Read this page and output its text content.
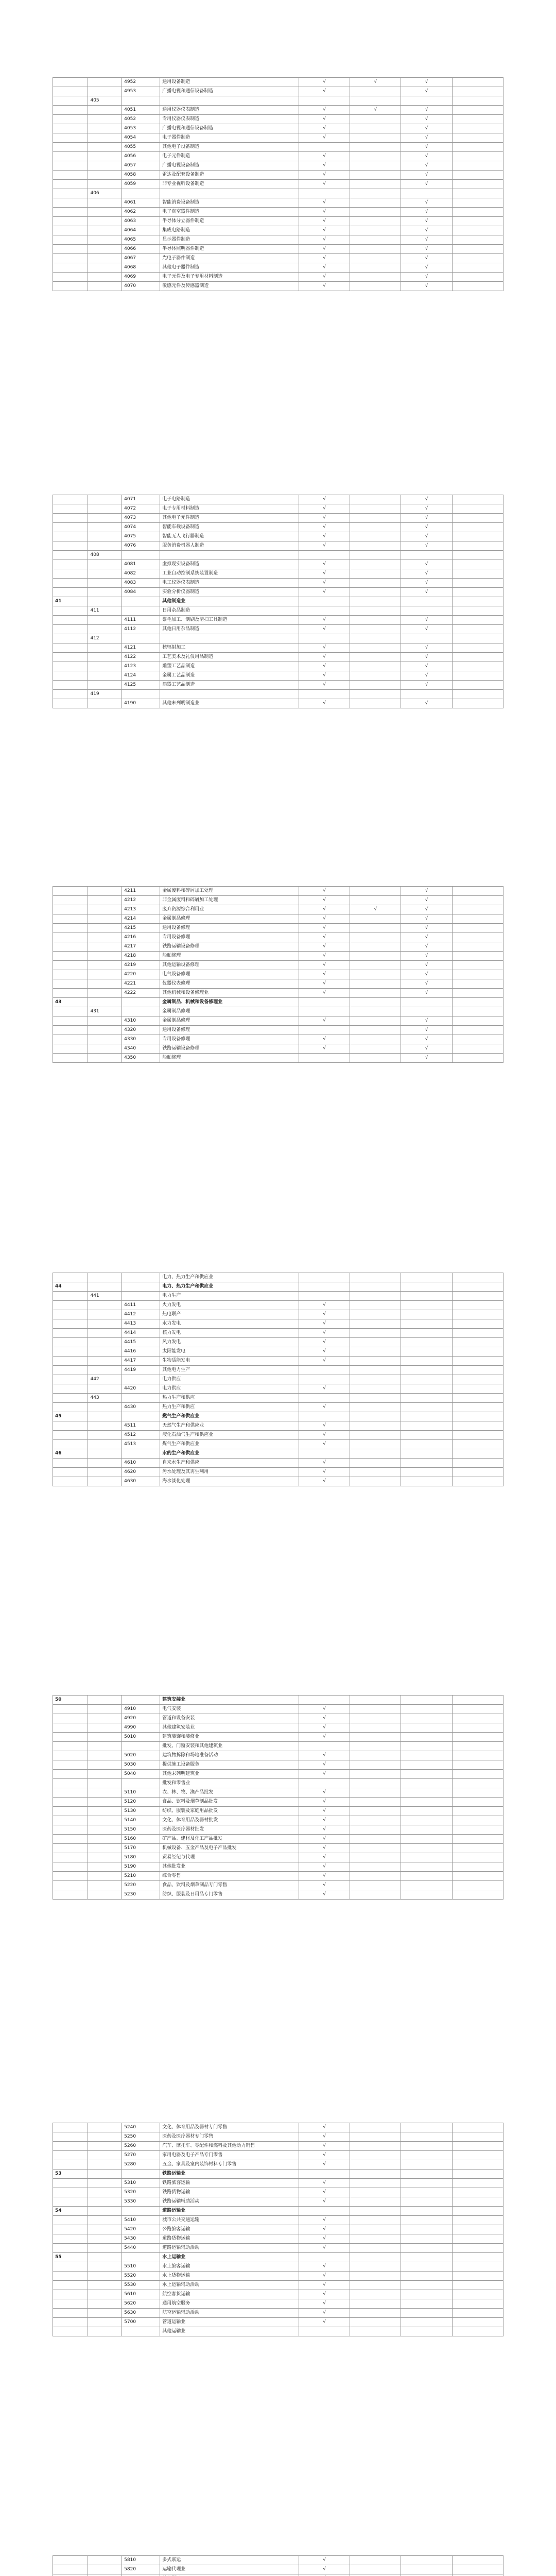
		4952	通用设备制造	√	√	√	
		4953	广播电视和通信设备制造	√		√	
	405						
		4051	通用仪器仪表制造	√	√	√	
		4052	专用仪器仪表制造	√		√	
		4053	广播电视和通信设备制造	√		√	
		4054	电子器件制造	√		√	
		4055	其他电子设备制造			√	
		4056	电子元件制造	√		√	
		4057	广播电视设备制造	√		√	
		4058	雷达及配套设备制造	√		√	
		4059	非专业视听设备制造	√		√	
	406						
		4061	智能消费设备制造	√		√	
		4062	电子真空器件制造	√		√	
		4063	半导体分立器件制造	√		√	
		4064	集成电路制造	√		√	
		4065	显示器件制造	√		√	
		4066	半导体照明器件制造	√		√	
		4067	光电子器件制造	√		√	
		4068	其他电子器件制造	√		√	
		4069	电子元件及电子专用材料制造	√		√	
		4070	敏感元件及传感器制造	√		√	
		4071	电子电路制造	√		√	
		4072	电子专用材料制造	√		√	
		4073	其他电子元件制造	√		√	
		4074	智能车载设备制造	√		√	
		4075	智能无人飞行器制造	√		√	
		4076	服务消费机器人制造	√		√	
	408						
		4081	虚拟现实设备制造	√		√	
		4082	工业自动控制系统装置制造	√		√	
		4083	电工仪器仪表制造	√		√	
		4084	实验分析仪器制造	√		√	
41			其他制造业				
	411		日用杂品制造				
		4111	鬃毛加工、制刷及清扫工具制造	√		√	
		4112	其他日用杂品制造	√		√	
	412						
		4121	核辐射加工	√		√	
		4122	工艺美术及礼仪用品制造	√		√	
		4123	雕塑工艺品制造	√		√	
		4124	金属工艺品制造	√		√	
		4125	漆器工艺品制造	√		√	
	419						
		4190	其他未列明制造业	√		√	
		4211	金属废料和碎屑加工处理	√		√	
		4212	非金属废料和碎屑加工处理	√		√	
		4213	废弃资源综合利用业	√	√	√	
		4214	金属制品修理	√		√	
		4215	通用设备修理	√		√	
		4216	专用设备修理	√		√	
		4217	铁路运输设备修理	√		√	
		4218	船舶修理	√		√	
		4219	其他运输设备修理	√		√	
		4220	电气设备修理	√		√	
		4221	仪器仪表修理	√		√	
		4222	其他机械和设备修理业	√		√	
43			金属制品、机械和设备修理业				
	431		金属制品修理				
		4310	金属制品修理	√		√	
		4320	通用设备修理			√	
		4330	专用设备修理	√		√	
		4340	铁路运输设备修理	√		√	
		4350	船舶修理			√	
			电力、热力生产和供应业				
44			电力、热力生产和供应业				
	441		电力生产				
		4411	火力发电	√			
		4412	热电联产	√			
		4413	水力发电	√			
		4414	核力发电	√			
		4415	风力发电	√			
		4416	太阳能发电	√			
		4417	生物质能发电	√			
		4419	其他电力生产				
	442		电力供应				
		4420	电力供应	√			
	443		热力生产和供应				
		4430	热力生产和供应	√			
45			燃气生产和供应业				
		4511	天然气生产和供应业	√			
		4512	液化石油气生产和供应业	√			
		4513	煤气生产和供应业	√			
46			水的生产和供应业				
		4610	自来水生产和供应	√			
		4620	污水处理及其再生利用	√			
		4630	海水淡化处理	√			
50			建筑安装业				
		4910	电气安装	√			
		4920	管道和设备安装	√			
		4990	其他建筑安装业	√			
		5010	建筑装饰和装修业	√			
			批发、门窗安装和其他建筑业				
		5020	建筑物拆除和场地准备活动	√			
		5030	提供施工设备服务	√			
		5040	其他未列明建筑业	√			
			批发和零售业				
		5110	农、林、牧、渔产品批发	√			
		5120	食品、饮料及烟草制品批发	√			
		5130	纺织、服装及家庭用品批发	√			
		5140	文化、体育用品及器材批发	√			
		5150	医药及医疗器材批发	√			
		5160	矿产品、建材及化工产品批发	√			
		5170	机械设备、五金产品及电子产品批发	√			
		5180	贸易经纪与代理	√			
		5190	其他批发业	√			
		5210	综合零售	√			
		5220	食品、饮料及烟草制品专门零售	√			
		5230	纺织、服装及日用品专门零售	√			
		5240	文化、体育用品及器材专门零售	√			
		5250	医药及医疗器材专门零售	√			
		5260	汽车、摩托车、零配件和燃料及其他动力销售	√			
		5270	家用电器及电子产品专门零售	√			
		5280	五金、家具及室内装饰材料专门零售	√			
53			铁路运输业				
		5310	铁路旅客运输	√			
		5320	铁路货物运输	√			
		5330	铁路运输辅助活动	√			
54			道路运输业				
		5410	城市公共交通运输	√			
		5420	公路旅客运输	√			
		5430	道路货物运输	√			
		5440	道路运输辅助活动	√			
55			水上运输业				
		5510	水上旅客运输	√			
		5520	水上货物运输	√			
		5530	水上运输辅助活动	√			
		5610	航空客货运输	√			
		5620	通用航空服务	√			
		5630	航空运输辅助活动	√			
		5700	管道运输业	√			
			其他运输业				
		5810	多式联运	√			
		5820	运输代理业	√			
